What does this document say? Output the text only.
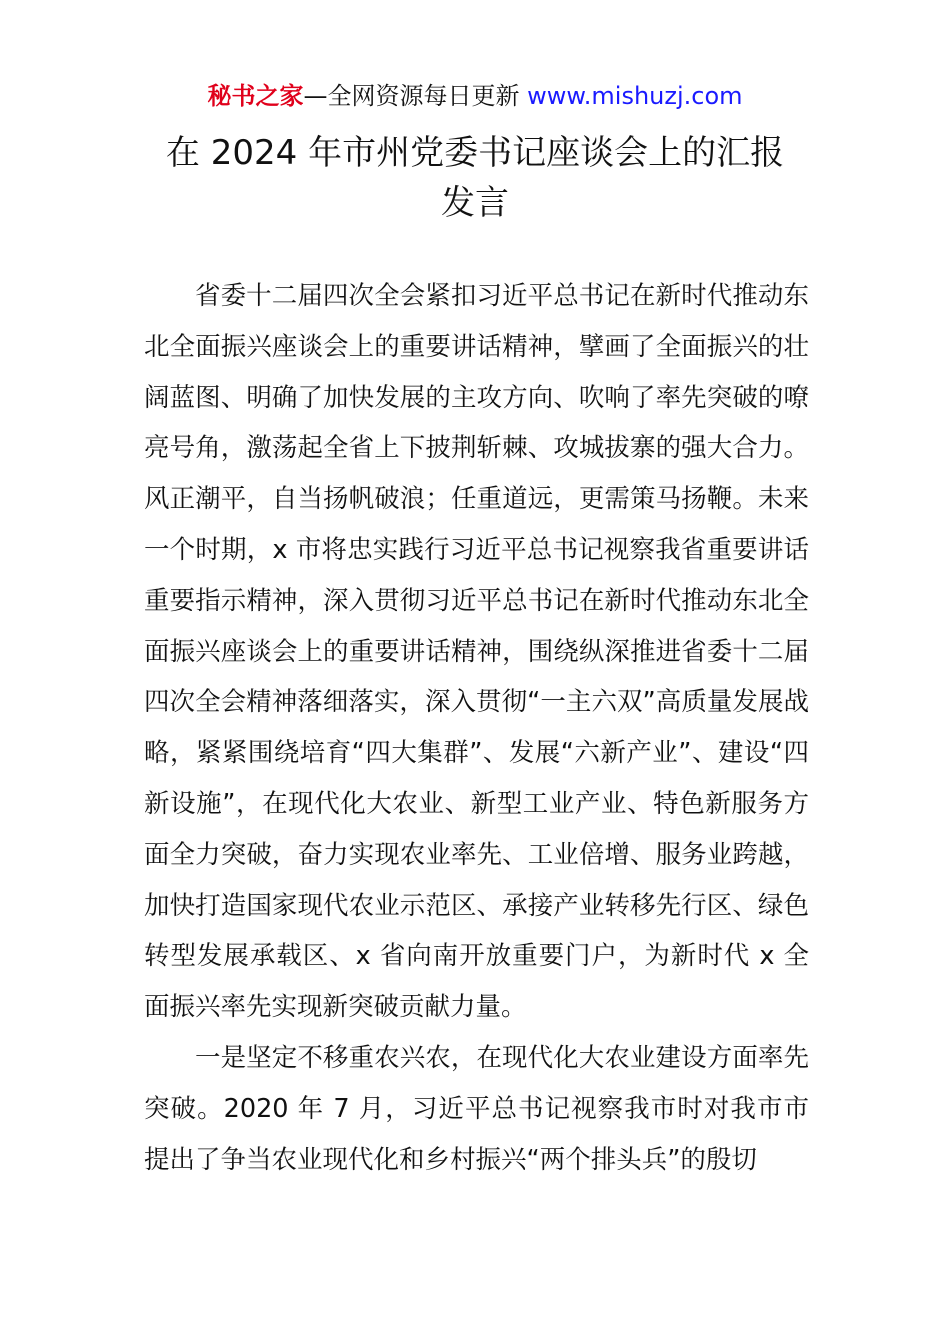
秘书之家—全网资源每日更新 www.mishuzj.com
在 2024 年市州党委书记座谈会上的汇报
发言

省委十二届四次全会紧扣习近平总书记在新时代推动东北全面振兴座谈会上的重要讲话精神，擘画了全面振兴的壮阔蓝图、明确了加快发展的主攻方向、吹响了率先突破的嘹亮号角，激荡起全省上下披荆斩棘、攻城拔寨的强大合力。风正潮平，自当扬帆破浪；任重道远，更需策马扬鞭。未来一个时期，x 市将忠实践行习近平总书记视察我省重要讲话重要指示精神，深入贯彻习近平总书记在新时代推动东北全面振兴座谈会上的重要讲话精神，围绕纵深推进省委十二届四次全会精神落细落实，深入贯彻“一主六双”高质量发展战略，紧紧围绕培育“四大集群”、发展“六新产业”、建设“四新设施”，在现代化大农业、新型工业产业、特色新服务方面全力突破，奋力实现农业率先、工业倍增、服务业跨越，加快打造国家现代农业示范区、承接产业转移先行区、绿色转型发展承载区、x 省向南开放重要门户，为新时代 x 全面振兴率先实现新突破贡献力量。

一是坚定不移重农兴农，在现代化大农业建设方面率先突破。2020 年 7 月，习近平总书记视察我市时对我市市提出了争当农业现代化和乡村振兴“两个排头兵”的殷切
